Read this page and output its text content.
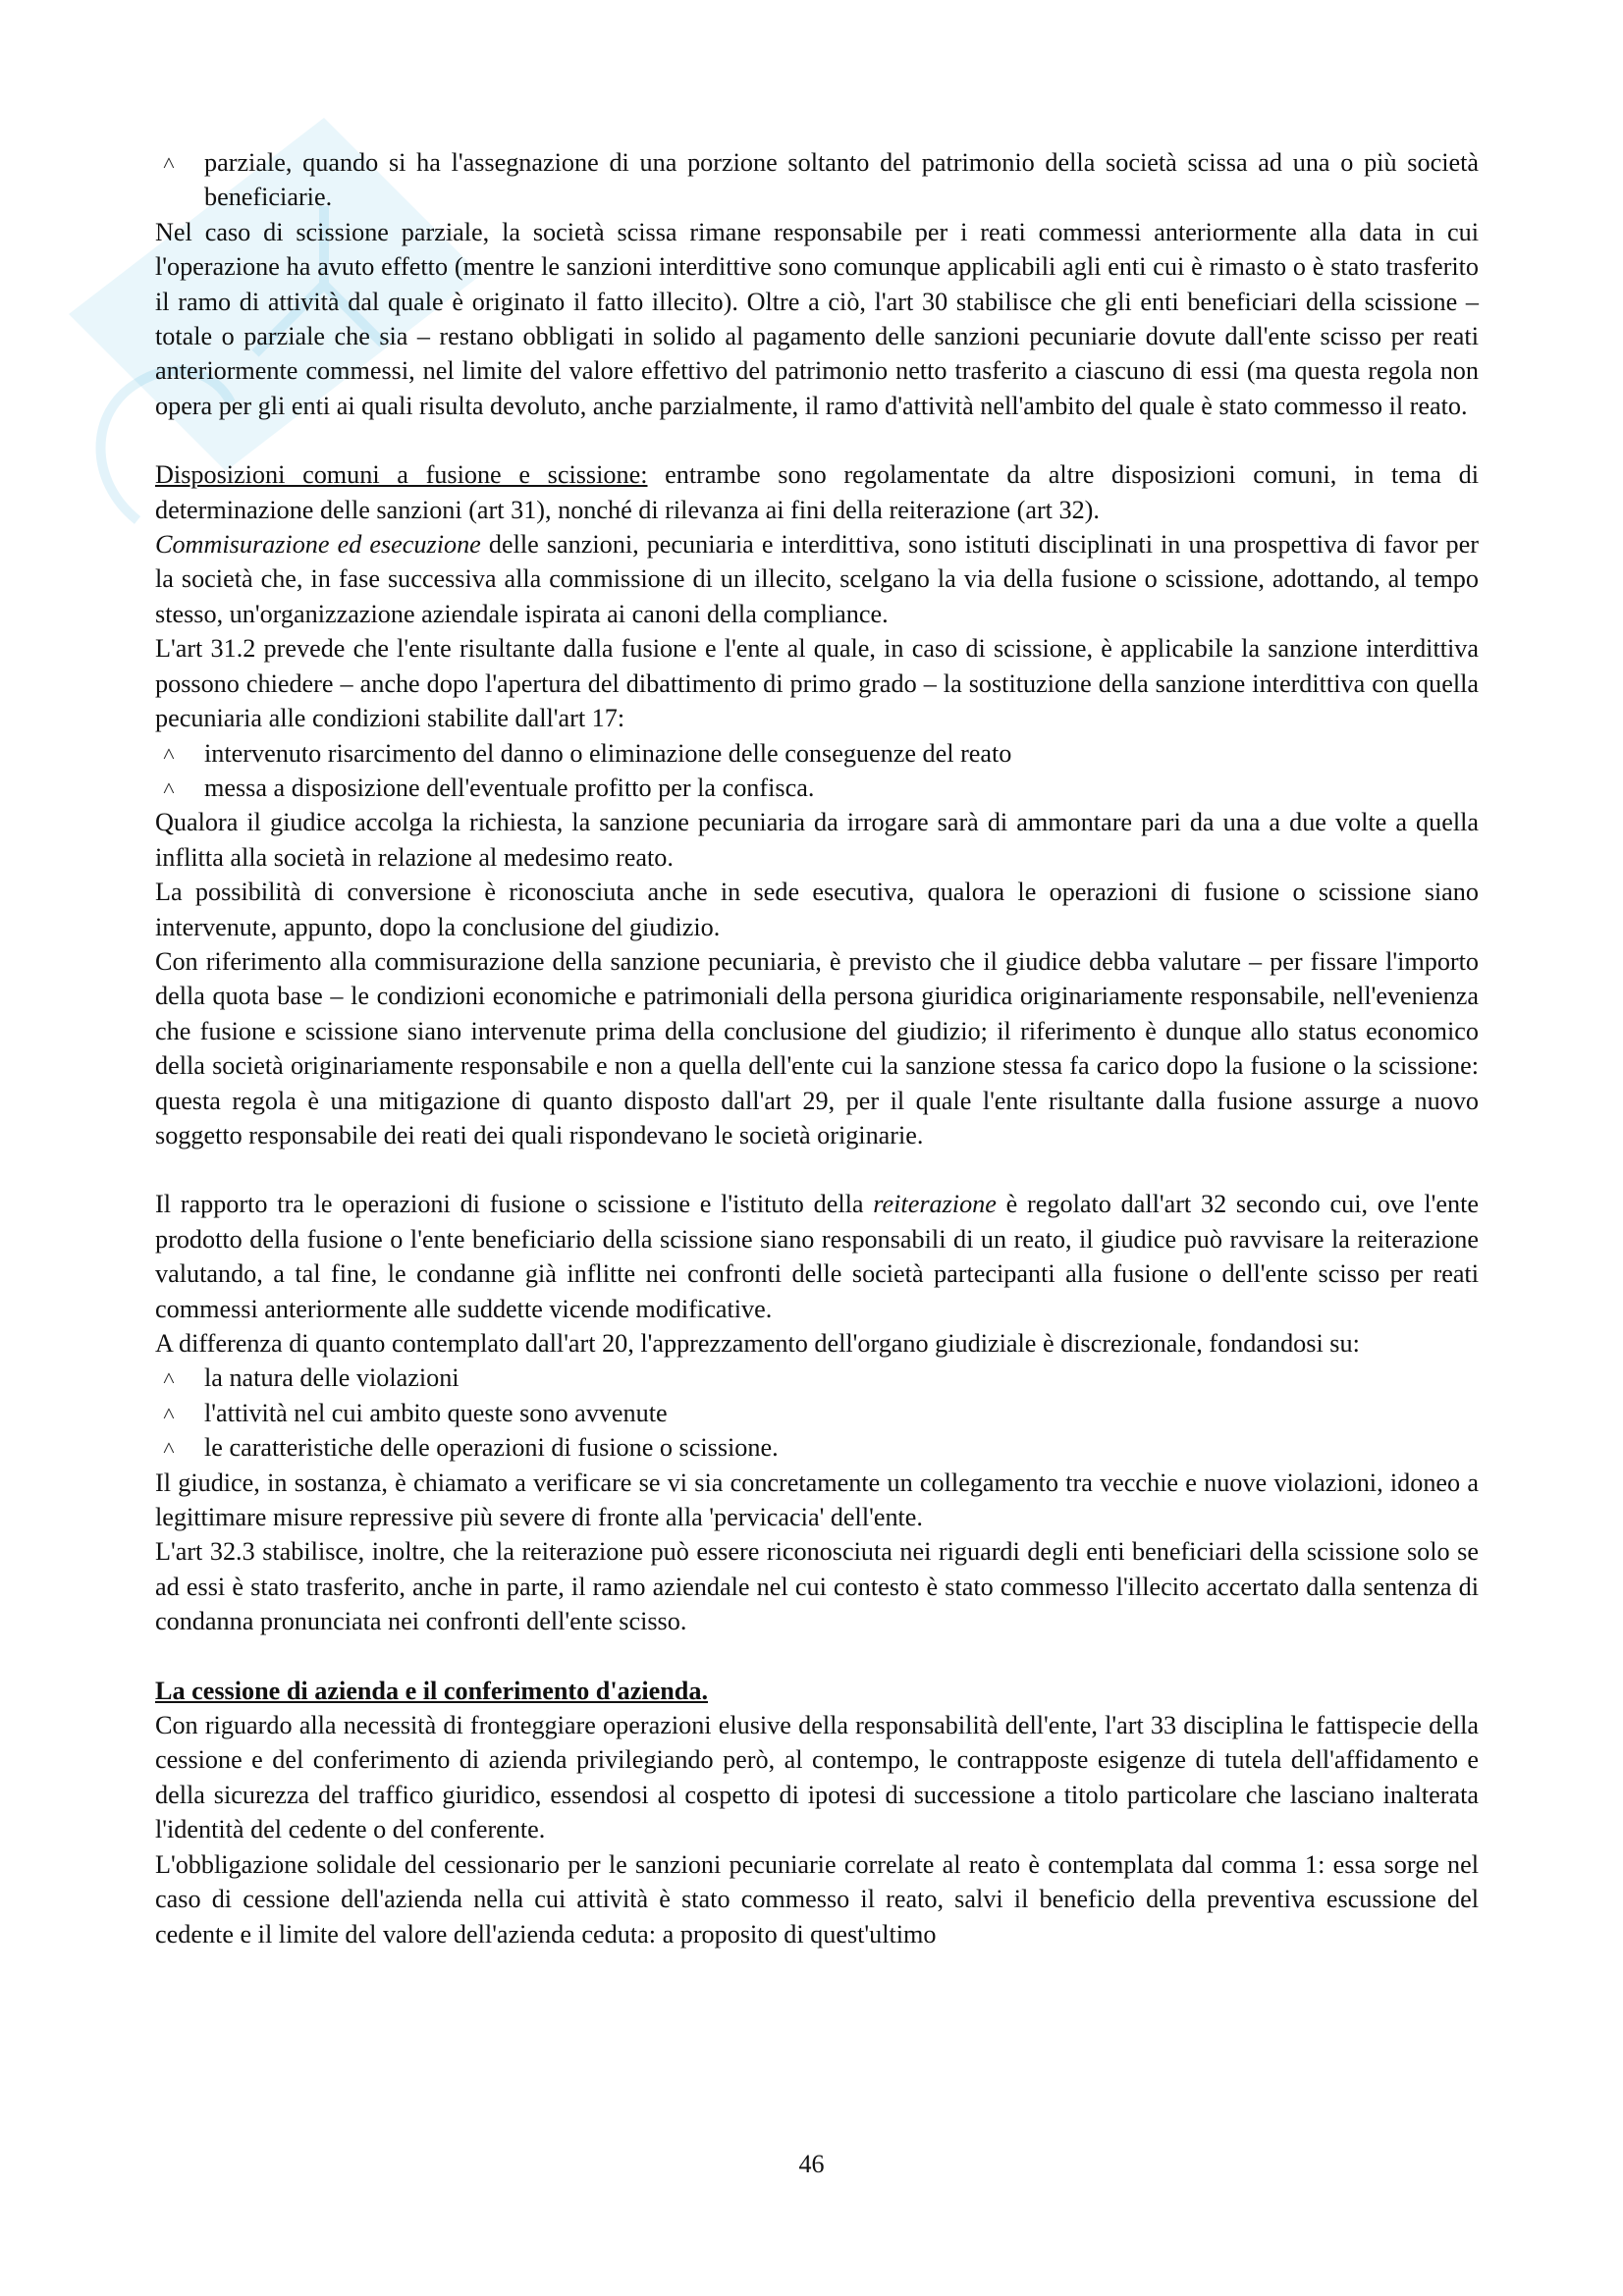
˄ parziale, quando si ha l'assegnazione di una porzione soltanto del patrimonio della società scissa ad una o più società beneficiarie.

Nel caso di scissione parziale, la società scissa rimane responsabile per i reati commessi anteriormente alla data in cui l'operazione ha avuto effetto (mentre le sanzioni interdittive sono comunque applicabili agli enti cui è rimasto o è stato trasferito il ramo di attività dal quale è originato il fatto illecito). Oltre a ciò, l'art 30 stabilisce che gli enti beneficiari della scissione – totale o parziale che sia – restano obbligati in solido al pagamento delle sanzioni pecuniarie dovute dall'ente scisso per reati anteriormente commessi, nel limite del valore effettivo del patrimonio netto trasferito a ciascuno di essi (ma questa regola non opera per gli enti ai quali risulta devoluto, anche parzialmente, il ramo d'attività nell'ambito del quale è stato commesso il reato.

Disposizioni comuni a fusione e scissione: entrambe sono regolamentate da altre disposizioni comuni, in tema di determinazione delle sanzioni (art 31), nonché di rilevanza ai fini della reiterazione (art 32).

Commisurazione ed esecuzione delle sanzioni, pecuniaria e interdittiva, sono istituti disciplinati in una prospettiva di favor per la società che, in fase successiva alla commissione di un illecito, scelgano la via della fusione o scissione, adottando, al tempo stesso, un'organizzazione aziendale ispirata ai canoni della compliance.

L'art 31.2 prevede che l'ente risultante dalla fusione e l'ente al quale, in caso di scissione, è applicabile la sanzione interdittiva possono chiedere – anche dopo l'apertura del dibattimento di primo grado – la sostituzione della sanzione interdittiva con quella pecuniaria alle condizioni stabilite dall'art 17:

˄ intervenuto risarcimento del danno o eliminazione delle conseguenze del reato
˄ messa a disposizione dell'eventuale profitto per la confisca.

Qualora il giudice accolga la richiesta, la sanzione pecuniaria da irrogare sarà di ammontare pari da una a due volte a quella inflitta alla società in relazione al medesimo reato.

La possibilità di conversione è riconosciuta anche in sede esecutiva, qualora le operazioni di fusione o scissione siano intervenute, appunto, dopo la conclusione del giudizio.

Con riferimento alla commisurazione della sanzione pecuniaria, è previsto che il giudice debba valutare – per fissare l'importo della quota base – le condizioni economiche e patrimoniali della persona giuridica originariamente responsabile, nell'evenienza che fusione e scissione siano intervenute prima della conclusione del giudizio; il riferimento è dunque allo status economico della società originariamente responsabile e non a quella dell'ente cui la sanzione stessa fa carico dopo la fusione o la scissione: questa regola è una mitigazione di quanto disposto dall'art 29, per il quale l'ente risultante dalla fusione assurge a nuovo soggetto responsabile dei reati dei quali rispondevano le società originarie.

Il rapporto tra le operazioni di fusione o scissione e l'istituto della reiterazione è regolato dall'art 32 secondo cui, ove l'ente prodotto della fusione o l'ente beneficiario della scissione siano responsabili di un reato, il giudice può ravvisare la reiterazione valutando, a tal fine, le condanne già inflitte nei confronti delle società partecipanti alla fusione o dell'ente scisso per reati commessi anteriormente alle suddette vicende modificative.

A differenza di quanto contemplato dall'art 20, l'apprezzamento dell'organo giudiziale è discrezionale, fondandosi su:

˄ la natura delle violazioni
˄ l'attività nel cui ambito queste sono avvenute
˄ le caratteristiche delle operazioni di fusione o scissione.

Il giudice, in sostanza, è chiamato a verificare se vi sia concretamente un collegamento tra vecchie e nuove violazioni, idoneo a legittimare misure repressive più severe di fronte alla 'pervicacia' dell'ente.

L'art 32.3 stabilisce, inoltre, che la reiterazione può essere riconosciuta nei riguardi degli enti beneficiari della scissione solo se ad essi è stato trasferito, anche in parte, il ramo aziendale nel cui contesto è stato commesso l'illecito accertato dalla sentenza di condanna pronunciata nei confronti dell'ente scisso.

La cessione di azienda e il conferimento d'azienda.

Con riguardo alla necessità di fronteggiare operazioni elusive della responsabilità dell'ente, l'art 33 disciplina le fattispecie della cessione e del conferimento di azienda privilegiando però, al contempo, le contrapposte esigenze di tutela dell'affidamento e della sicurezza del traffico giuridico, essendosi al cospetto di ipotesi di successione a titolo particolare che lasciano inalterata l'identità del cedente o del conferente.

L'obbligazione solidale del cessionario per le sanzioni pecuniarie correlate al reato è contemplata dal comma 1: essa sorge nel caso di cessione dell'azienda nella cui attività è stato commesso il reato, salvi il beneficio della preventiva escussione del cedente e il limite del valore dell'azienda ceduta: a proposito di quest'ultimo

46
